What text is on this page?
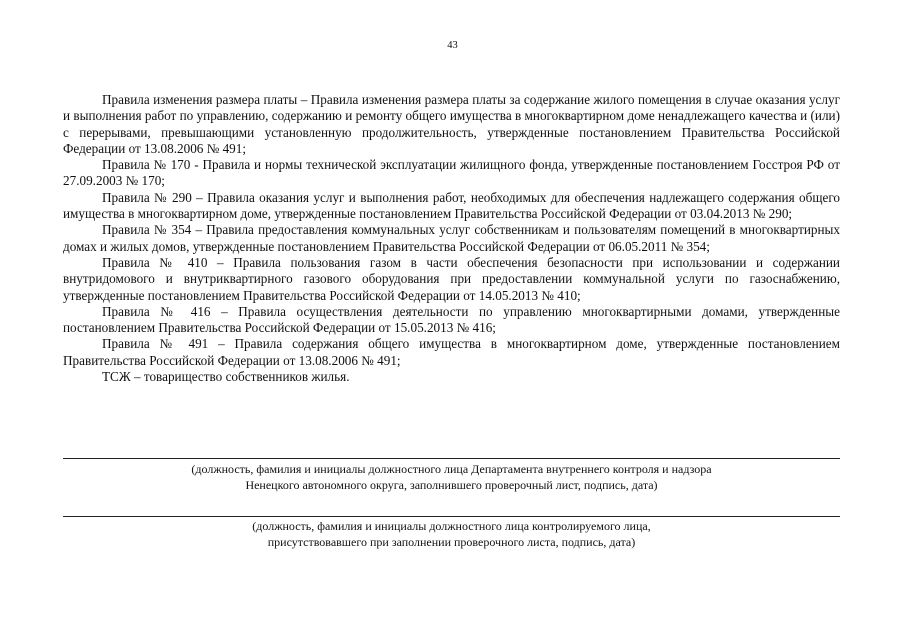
43

Правила изменения размера платы – Правила изменения размера платы за содержание жилого помещения в случае оказания услуг и выполнения работ по управлению, содержанию и ремонту общего имущества в многоквартирном доме ненадлежащего качества и (или) с перерывами, превышающими установленную продолжительность, утвержденные постановлением Правительства Российской Федерации от 13.08.2006 № 491;

Правила № 170 - Правила и нормы технической эксплуатации жилищного фонда, утвержденные постановлением Госстроя РФ от 27.09.2003 № 170;

Правила № 290 – Правила оказания услуг и выполнения работ, необходимых для обеспечения надлежащего содержания общего имущества в многоквартирном доме, утвержденные постановлением Правительства Российской Федерации от 03.04.2013 № 290;

Правила № 354 – Правила предоставления коммунальных услуг собственникам и пользователям помещений в многоквартирных домах и жилых домов, утвержденные постановлением Правительства Российской Федерации от 06.05.2011 № 354;

Правила № 410 – Правила пользования газом в части обеспечения безопасности при использовании и содержании внутридомового и внутриквартирного газового оборудования при предоставлении коммунальной услуги по газоснабжению, утвержденные постановлением Правительства Российской Федерации от 14.05.2013 № 410;

Правила № 416 – Правила осуществления деятельности по управлению многоквартирными домами, утвержденные постановлением Правительства Российской Федерации от 15.05.2013 № 416;

Правила № 491 – Правила содержания общего имущества в многоквартирном доме, утвержденные постановлением Правительства Российской Федерации от 13.08.2006 № 491;

ТСЖ – товарищество собственников жилья.

(должность, фамилия и инициалы должностного лица Департамента внутреннего контроля и надзора
Ненецкого автономного округа, заполнившего проверочный лист, подпись, дата)
(должность, фамилия и инициалы должностного лица контролируемого лица,
присутствовавшего при заполнении проверочного листа, подпись, дата)
